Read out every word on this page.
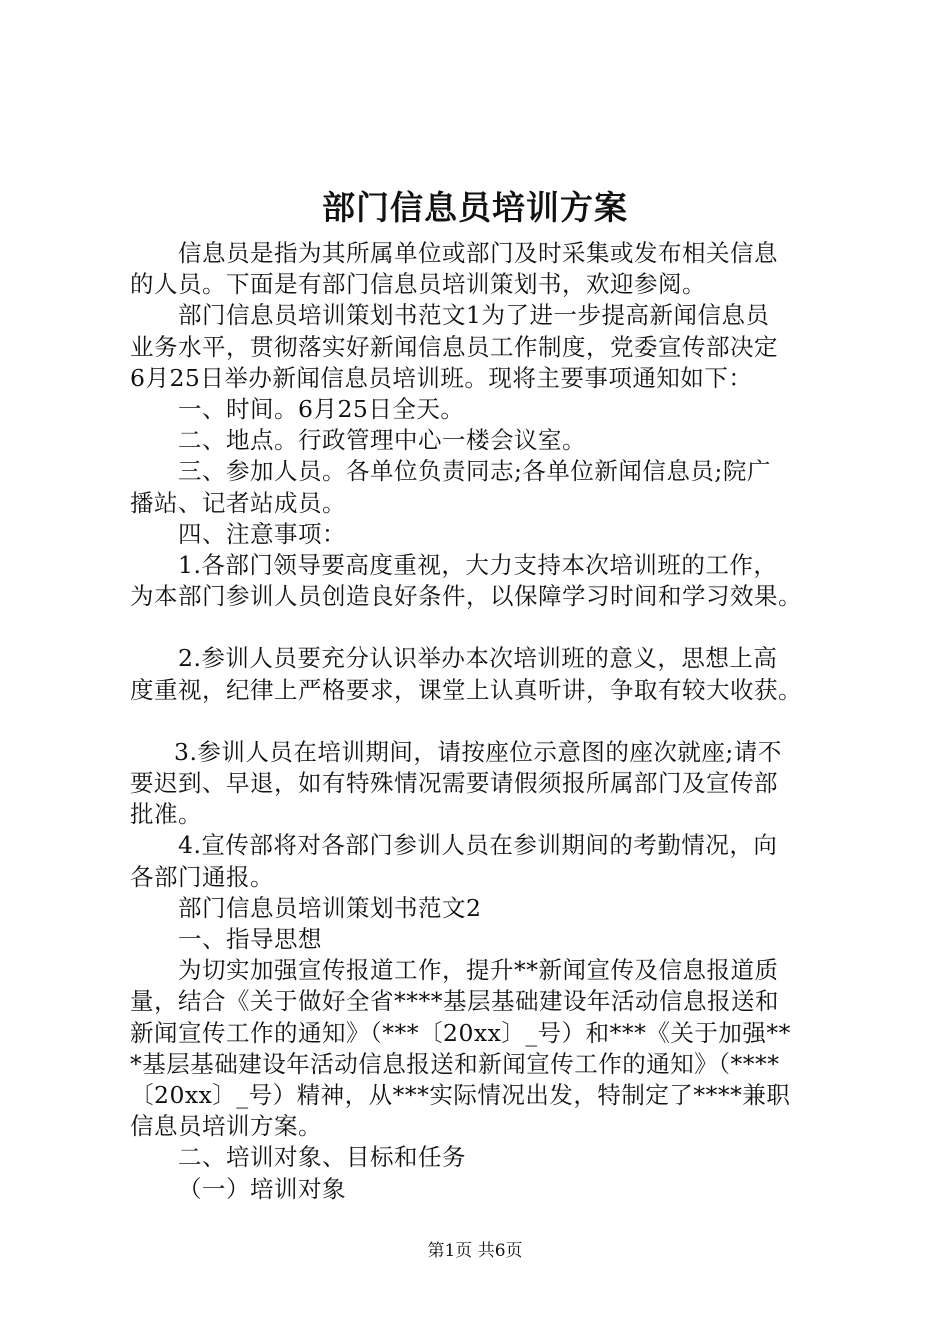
部门信息员培训方案

信息员是指为其所属单位或部门及时采集或发布相关信息

的人员。下面是有部门信息员培训策划书，欢迎参阅。

部门信息员培训策划书范文1为了进一步提高新闻信息员

业务水平，贯彻落实好新闻信息员工作制度，党委宣传部决定

6月25日举办新闻信息员培训班。现将主要事项通知如下：

一、时间。6月25日全天。

二、地点。行政管理中心一楼会议室。

三、参加人员。各单位负责同志;各单位新闻信息员;院广

播站、记者站成员。

四、注意事项：

1.各部门领导要高度重视，大力支持本次培训班的工作，

为本部门参训人员创造良好条件，以保障学习时间和学习效果。

2.参训人员要充分认识举办本次培训班的意义，思想上高

度重视，纪律上严格要求，课堂上认真听讲，争取有较大收获。

3.参训人员在培训期间，请按座位示意图的座次就座;请不

要迟到、早退，如有特殊情况需要请假须报所属部门及宣传部

批准。

4.宣传部将对各部门参训人员在参训期间的考勤情况，向

各部门通报。

部门信息员培训策划书范文2

一、指导思想

为切实加强宣传报道工作，提升**新闻宣传及信息报道质

量，结合《关于做好全省****基层基础建设年活动信息报送和

新闻宣传工作的通知》（***〔20xx〕_号）和***《关于加强**

*基层基础建设年活动信息报送和新闻宣传工作的通知》（****

〔20xx〕_号）精神，从***实际情况出发，特制定了****兼职

信息员培训方案。

二、培训对象、目标和任务

（一）培训对象

第1页 共6页
